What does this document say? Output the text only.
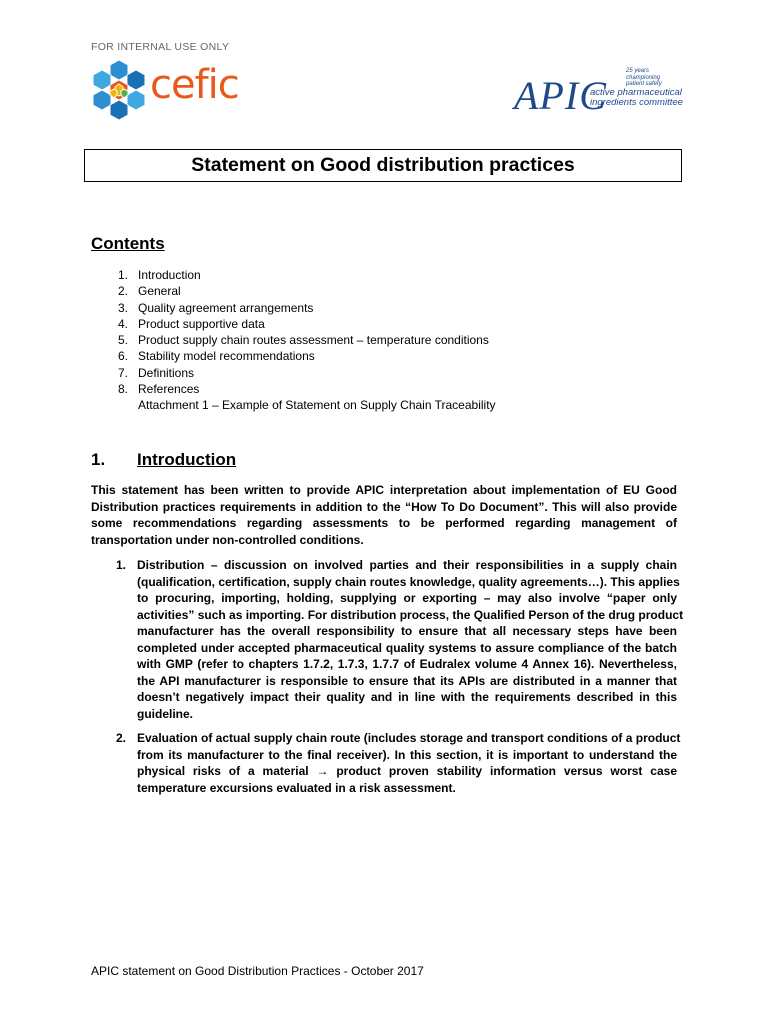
FOR INTERNAL USE ONLY
cefic	APIC
25 years
championing
patient safety
active pharmaceutical
ingredients committee
Statement on Good distribution practices
Contents
1. Introduction
2. General
3. Quality agreement arrangements
4. Product supportive data
5. Product supply chain routes assessment – temperature conditions
6. Stability model recommendations
7. Definitions
8. References
Attachment 1 – Example of Statement on Supply Chain Traceability
1. Introduction
This statement has been written to provide APIC interpretation about implementation of EU Good
Distribution practices requirements in addition to the “How To Do Document”. This will also provide
some recommendations regarding assessments to be performed regarding management of
transportation under non-controlled conditions.
1. Distribution – discussion on involved parties and their responsibilities in a supply chain
(qualification, certification, supply chain routes knowledge, quality agreements…). This applies
to procuring, importing, holding, supplying or exporting – may also involve “paper only
activities” such as importing. For distribution process, the Qualified Person of the drug product
manufacturer has the overall responsibility to ensure that all necessary steps have been
completed under accepted pharmaceutical quality systems to assure compliance of the batch
with GMP (refer to chapters 1.7.2, 1.7.3, 1.7.7 of Eudralex volume 4 Annex 16). Nevertheless,
the API manufacturer is responsible to ensure that its APIs are distributed in a manner that
doesn’t negatively impact their quality and in line with the requirements described in this
guideline.
2. Evaluation of actual supply chain route (includes storage and transport conditions of a product
from its manufacturer to the final receiver). In this section, it is important to understand the
physical risks of a material → product proven stability information versus worst case
temperature excursions evaluated in a risk assessment.
APIC statement on Good Distribution Practices - October 2017
